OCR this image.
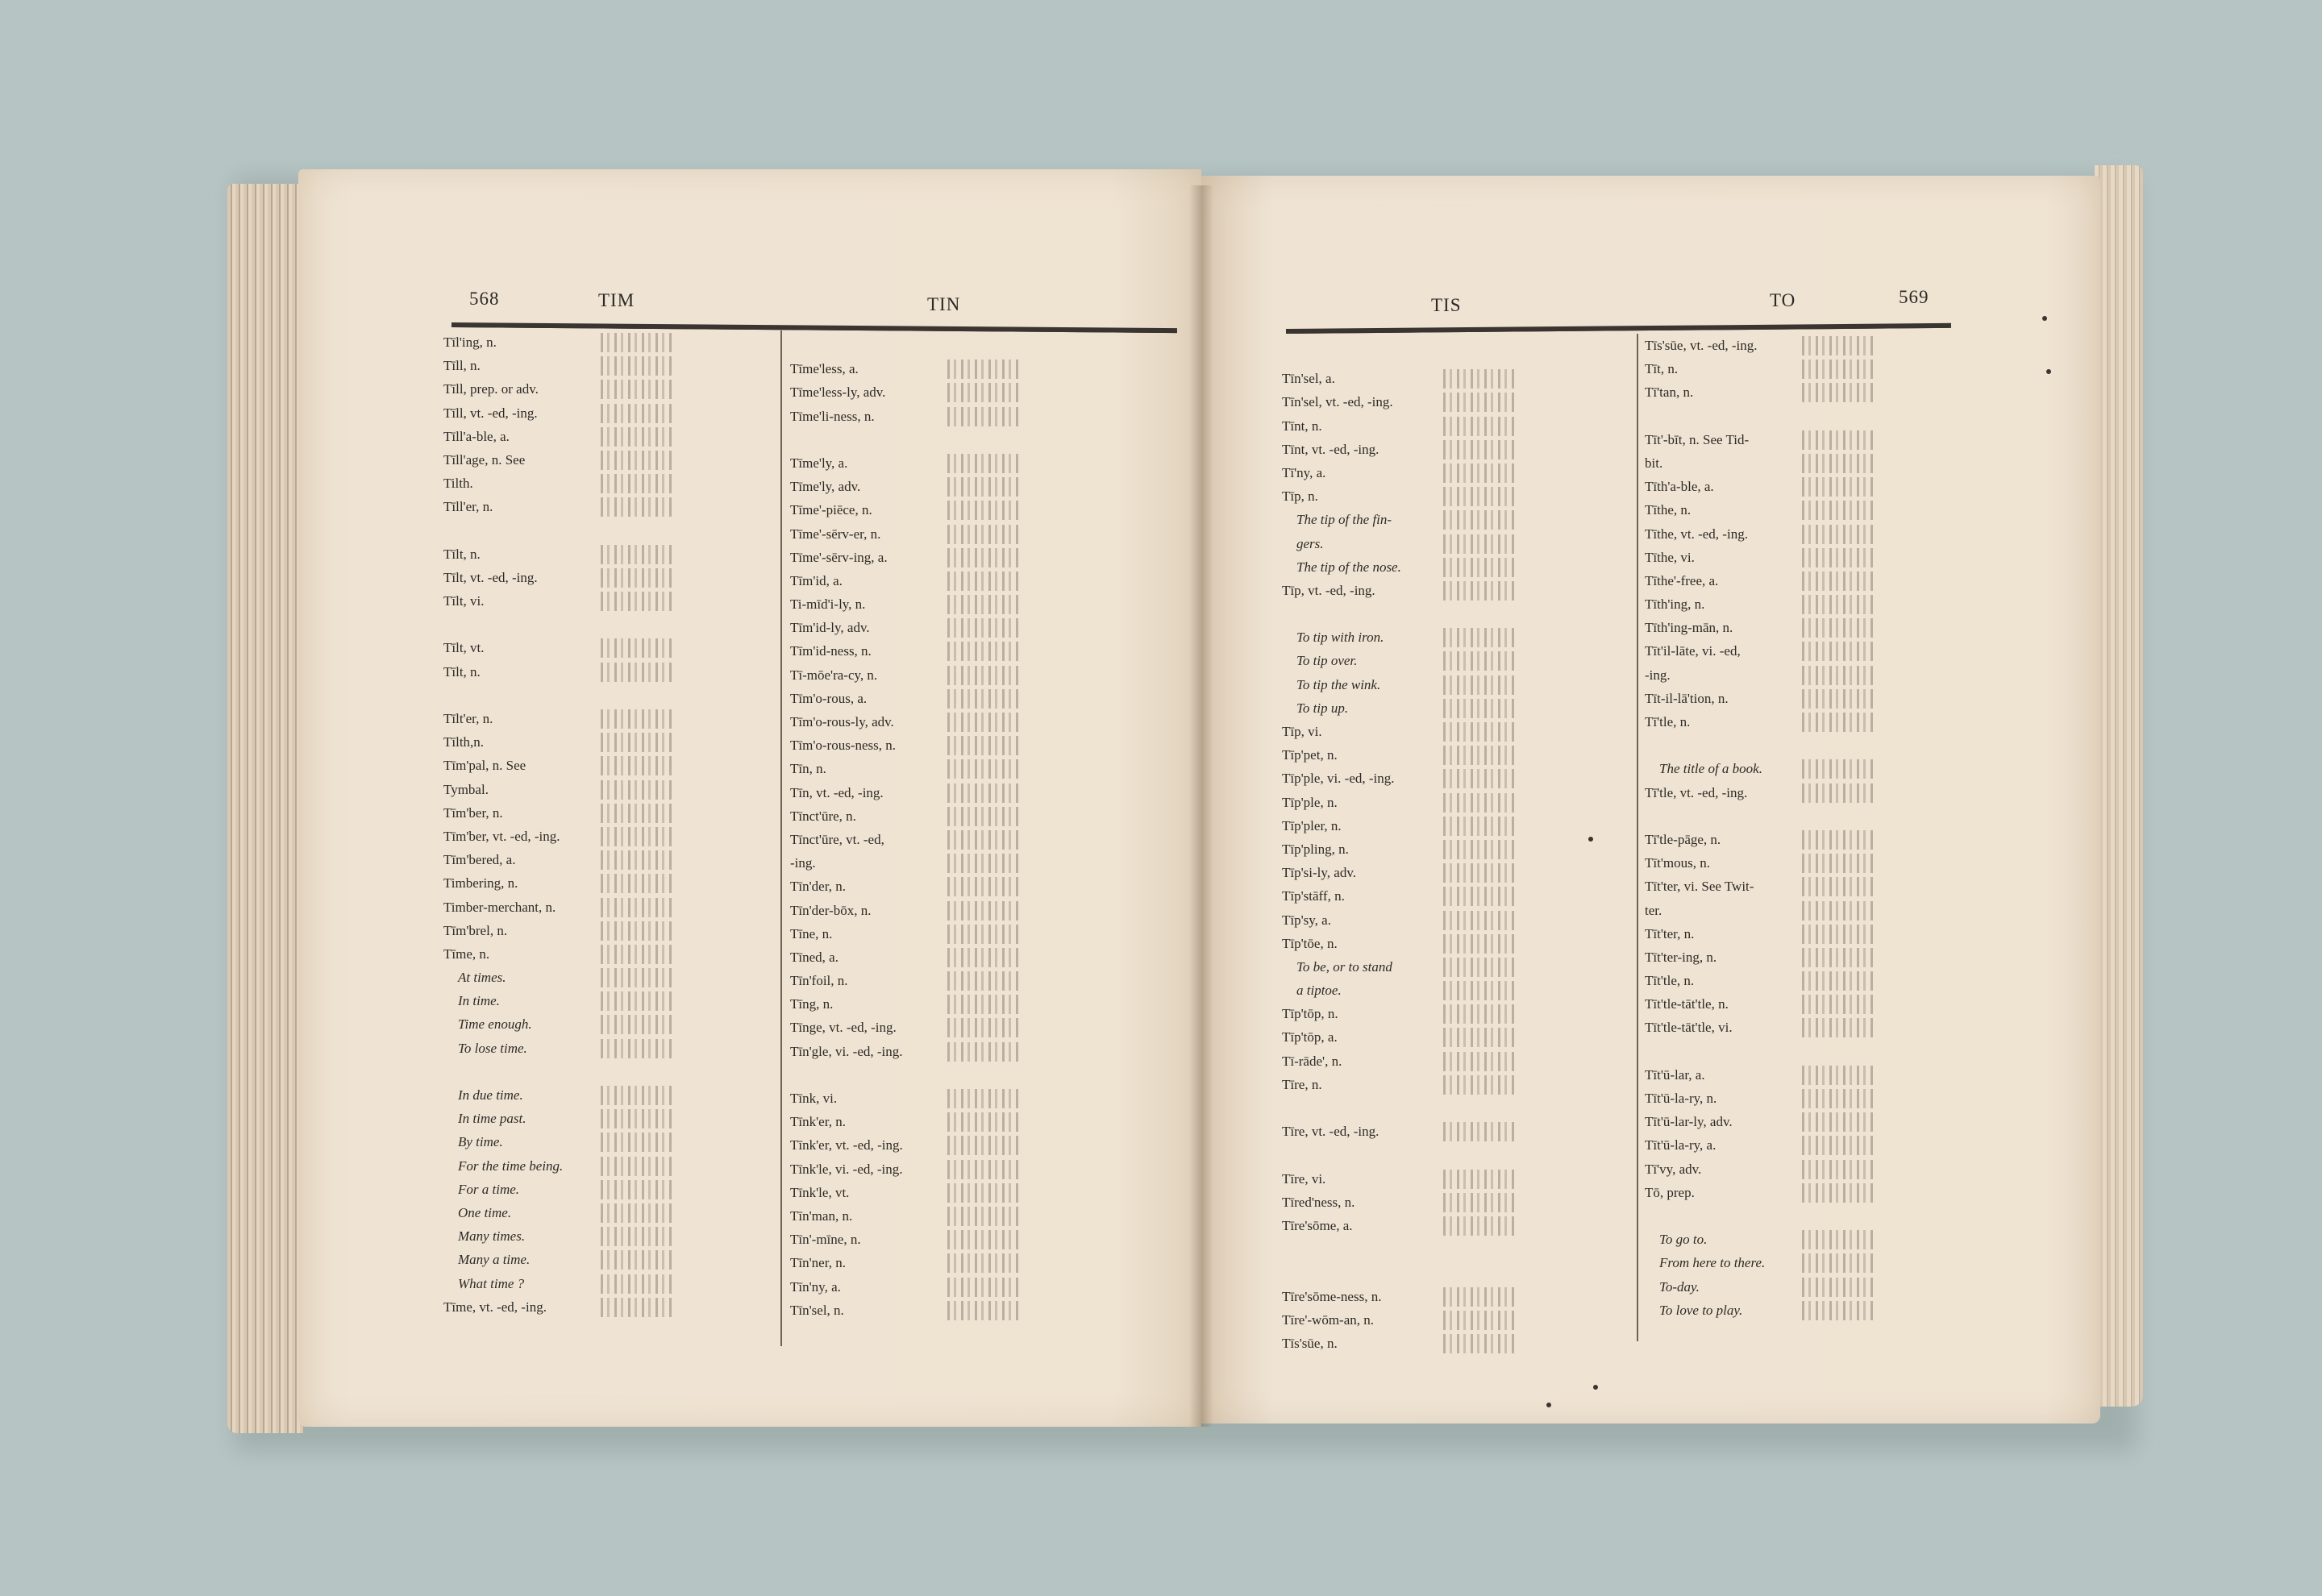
568	TIM	TIN
Tīl'ing, n.
Tīll, n.
Tīll, prep. or adv.
Tīll, vt. -ed, -ing.
Tīll'a-ble, a.
Tīll'age, n. See
Tilth.
Tīll'er, n.
Tīlt, n.
Tīlt, vt. -ed, -ing.
Tīlt, vi.
Tīlt, vt.
Tīlt, n.
Tīlt'er, n.
Tīlth,n.
Tīm'pal, n. See
Tymbal.
Tīm'ber, n.
Tīm'ber, vt. -ed, -ing.
Tīm'bered, a.
Timbering, n.
Timber-merchant, n.
Tīm'brel, n.
Tīme, n.
At times.
In time.
Time enough.
To lose time.
In due time.
In time past.
By time.
For the time being.
For a time.
One time.
Many times.
Many a time.
What time ?
Tīme, vt. -ed, -ing.
Tīme'less, a.
Tīme'less-ly, adv.
Tīme'li-ness, n.
Tīme'ly, a.
Tīme'ly, adv.
Tīme'-piēce, n.
Tīme'-sērv-er, n.
Tīme'-sērv-ing, a.
Tīm'id, a.
Ti-mīd'i-ly, n.
Tīm'id-ly, adv.
Tīm'id-ness, n.
Tī-mōe'ra-cy, n.
Tīm'o-rous, a.
Tīm'o-rous-ly, adv.
Tīm'o-rous-ness, n.
Tīn, n.
Tīn, vt. -ed, -ing.
Tīnct'ūre, n.
Tīnct'ūre, vt. -ed,
-ing.
Tīn'der, n.
Tīn'der-bōx, n.
Tīne, n.
Tīned, a.
Tīn'foil, n.
Tīng, n.
Tīnge, vt. -ed, -ing.
Tīn'gle, vi. -ed, -ing.
Tīnk, vi.
Tīnk'er, n.
Tīnk'er, vt. -ed, -ing.
Tīnk'le, vi. -ed, -ing.
Tīnk'le, vt.
Tīn'man, n.
Tīn'-mīne, n.
Tīn'ner, n.
Tīn'ny, a.
Tīn'sel, n.
TIS	TO	569
Tīn'sel, a.
Tīn'sel, vt. -ed, -ing.
Tīnt, n.
Tīnt, vt. -ed, -ing.
Tī'ny, a.
Tīp, n.
The tip of the fin-
gers.
The tip of the nose.
Tīp, vt. -ed, -ing.
To tip with iron.
To tip over.
To tip the wink.
To tip up.
Tīp, vi.
Tīp'pet, n.
Tīp'ple, vi. -ed, -ing.
Tīp'ple, n.
Tīp'pler, n.
Tīp'pling, n.
Tīp'si-ly, adv.
Tīp'stāff, n.
Tīp'sy, a.
Tīp'tōe, n.
To be, or to stand
a tiptoe.
Tīp'tōp, n.
Tīp'tōp, a.
Tī-rāde', n.
Tīre, n.
Tīre, vt. -ed, -ing.
Tīre, vi.
Tīred'ness, n.
Tīre'sōme, a.
Tīre'sōme-ness, n.
Tīre'-wōm-an, n.
Tīs'sūe, n.
Tīs'sūe, vt. -ed, -ing.
Tīt, n.
Tī'tan, n.
Tīt'-bīt, n. See Tid-
bit.
Tīth'a-ble, a.
Tīthe, n.
Tīthe, vt. -ed, -ing.
Tīthe, vi.
Tīthe'-free, a.
Tīth'ing, n.
Tīth'ing-mān, n.
Tīt'il-lāte, vi. -ed,
-ing.
Tīt-il-lā'tion, n.
Tī'tle, n.
The title of a book.
Tī'tle, vt. -ed, -ing.
Tī'tle-pāge, n.
Tīt'mous, n.
Tīt'ter, vi. See Twit-
ter.
Tīt'ter, n.
Tīt'ter-ing, n.
Tīt'tle, n.
Tīt'tle-tāt'tle, n.
Tīt'tle-tāt'tle, vi.
Tīt'ū-lar, a.
Tīt'ū-la-ry, n.
Tīt'ū-lar-ly, adv.
Tīt'ū-la-ry, a.
Tī'vy, adv.
Tō, prep.
To go to.
From here to there.
To-day.
To love to play.
